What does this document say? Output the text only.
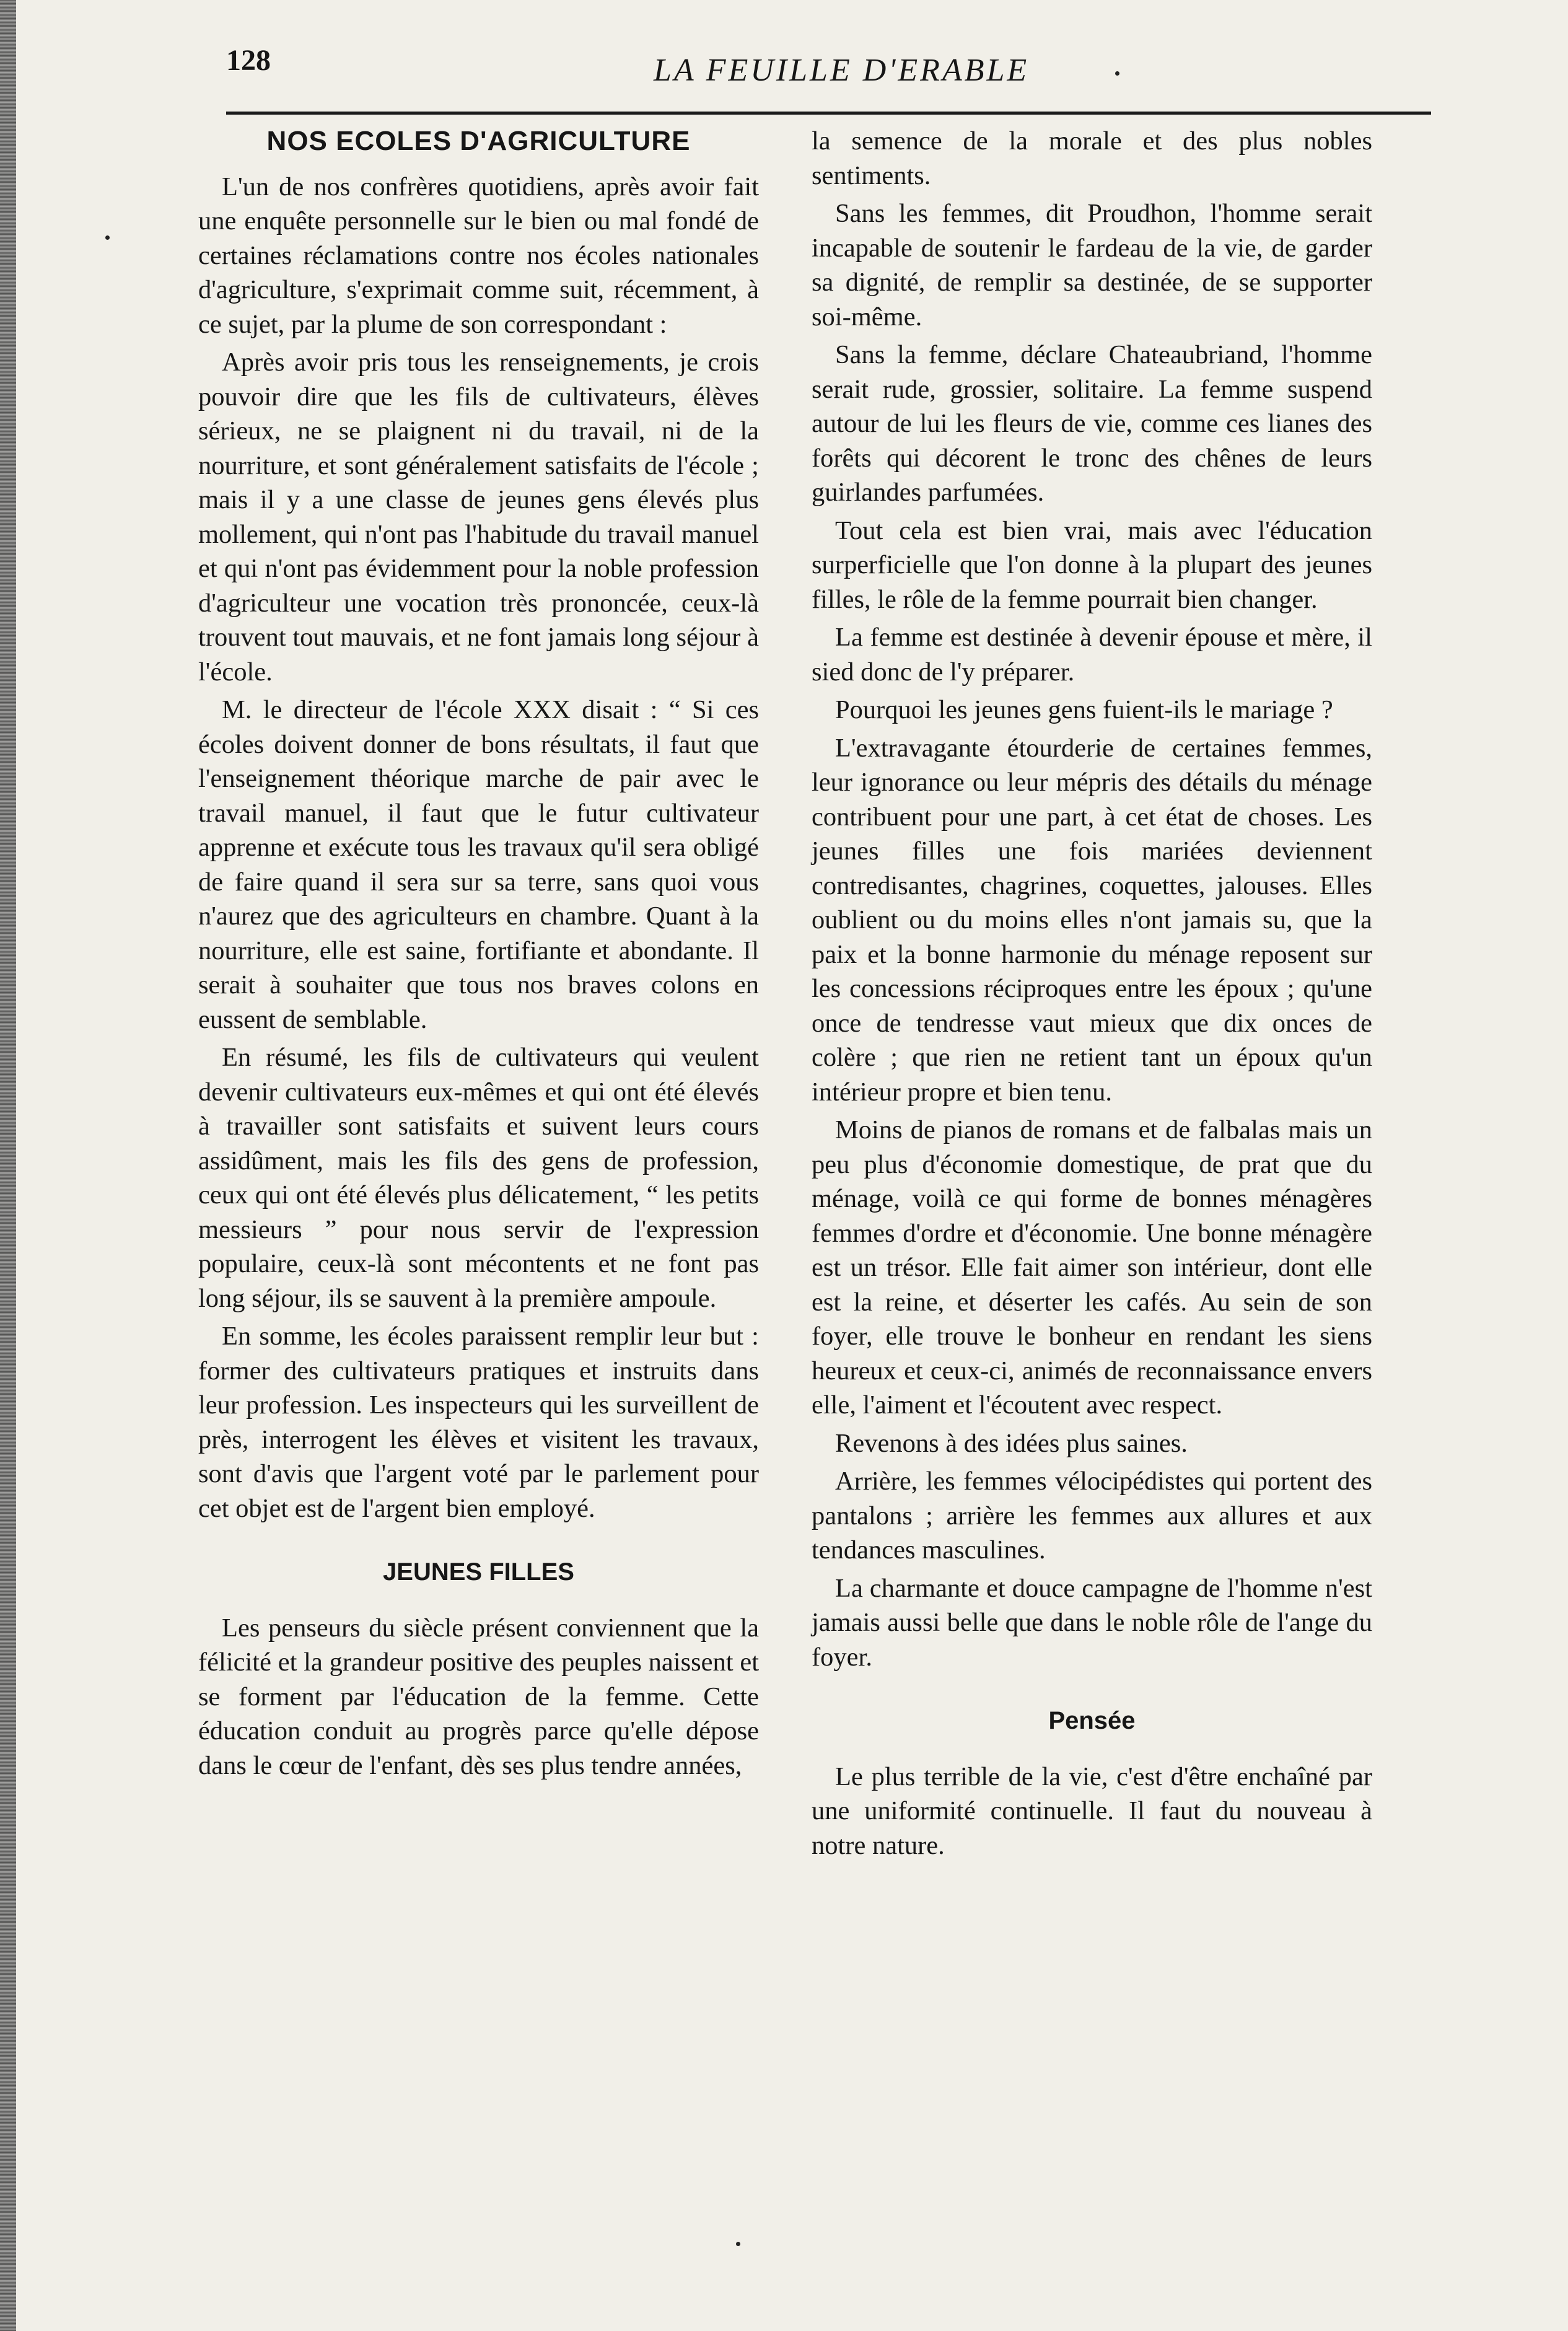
128	LA FEUILLE D'ERABLE
NOS ECOLES D'AGRICULTURE

L'un de nos confrères quotidiens, après avoir fait une enquête personnelle sur le bien ou mal fondé de certaines réclamations contre nos écoles nationales d'agriculture, s'exprimait comme suit, récemment, à ce sujet, par la plume de son correspondant :

Après avoir pris tous les renseignements, je crois pouvoir dire que les fils de cultivateurs, élèves sérieux, ne se plaignent ni du travail, ni de la nourriture, et sont généralement satisfaits de l'école ; mais il y a une classe de jeunes gens élevés plus mollement, qui n'ont pas l'habitude du travail manuel et qui n'ont pas évidemment pour la noble profession d'agriculteur une vocation très prononcée, ceux-là trouvent tout mauvais, et ne font jamais long séjour à l'école.

M. le directeur de l'école XXX disait : “ Si ces écoles doivent donner de bons résultats, il faut que l'enseignement théorique marche de pair avec le travail manuel, il faut que le futur cultivateur apprenne et exécute tous les travaux qu'il sera obligé de faire quand il sera sur sa terre, sans quoi vous n'aurez que des agriculteurs en chambre. Quant à la nourriture, elle est saine, fortifiante et abondante. Il serait à souhaiter que tous nos braves colons en eussent de semblable.

En résumé, les fils de cultivateurs qui veulent devenir cultivateurs eux-mêmes et qui ont été élevés à travailler sont satisfaits et suivent leurs cours assidûment, mais les fils des gens de profession, ceux qui ont été élevés plus délicatement, “ les petits messieurs ” pour nous servir de l'expression populaire, ceux-là sont mécontents et ne font pas long séjour, ils se sauvent à la première ampoule.

En somme, les écoles paraissent remplir leur but : former des cultivateurs pratiques et instruits dans leur profession. Les inspecteurs qui les surveillent de près, interrogent les élèves et visitent les travaux, sont d'avis que l'argent voté par le parlement pour cet objet est de l'argent bien employé.

JEUNES FILLES

Les penseurs du siècle présent conviennent que la félicité et la grandeur positive des peuples naissent et se forment par l'éducation de la femme. Cette éducation conduit au progrès parce qu'elle dépose dans le cœur de l'enfant, dès ses plus tendre années,

la semence de la morale et des plus nobles sentiments.

Sans les femmes, dit Proudhon, l'homme serait incapable de soutenir le fardeau de la vie, de garder sa dignité, de remplir sa destinée, de se supporter soi-même.

Sans la femme, déclare Chateaubriand, l'homme serait rude, grossier, solitaire. La femme suspend autour de lui les fleurs de vie, comme ces lianes des forêts qui décorent le tronc des chênes de leurs guirlandes parfumées.

Tout cela est bien vrai, mais avec l'éducation surperficielle que l'on donne à la plupart des jeunes filles, le rôle de la femme pourrait bien changer.

La femme est destinée à devenir épouse et mère, il sied donc de l'y préparer.

Pourquoi les jeunes gens fuient-ils le mariage ?

L'extravagante étourderie de certaines femmes, leur ignorance ou leur mépris des détails du ménage contribuent pour une part, à cet état de choses. Les jeunes filles une fois mariées deviennent contredisantes, chagrines, coquettes, jalouses. Elles oublient ou du moins elles n'ont jamais su, que la paix et la bonne harmonie du ménage reposent sur les concessions réciproques entre les époux ; qu'une once de tendresse vaut mieux que dix onces de colère ; que rien ne retient tant un époux qu'un intérieur propre et bien tenu.

Moins de pianos de romans et de falbalas mais un peu plus d'économie domestique, de prat que du ménage, voilà ce qui forme de bonnes ménagères femmes d'ordre et d'économie. Une bonne ménagère est un trésor. Elle fait aimer son intérieur, dont elle est la reine, et déserter les cafés. Au sein de son foyer, elle trouve le bonheur en rendant les siens heureux et ceux-ci, animés de reconnaissance envers elle, l'aiment et l'écoutent avec respect.

Revenons à des idées plus saines.

Arrière, les femmes vélocipédistes qui portent des pantalons ; arrière les femmes aux allures et aux tendances masculines.

La charmante et douce campagne de l'homme n'est jamais aussi belle que dans le noble rôle de l'ange du foyer.

Pensée

Le plus terrible de la vie, c'est d'être enchaîné par une uniformité continuelle. Il faut du nouveau à notre nature.
